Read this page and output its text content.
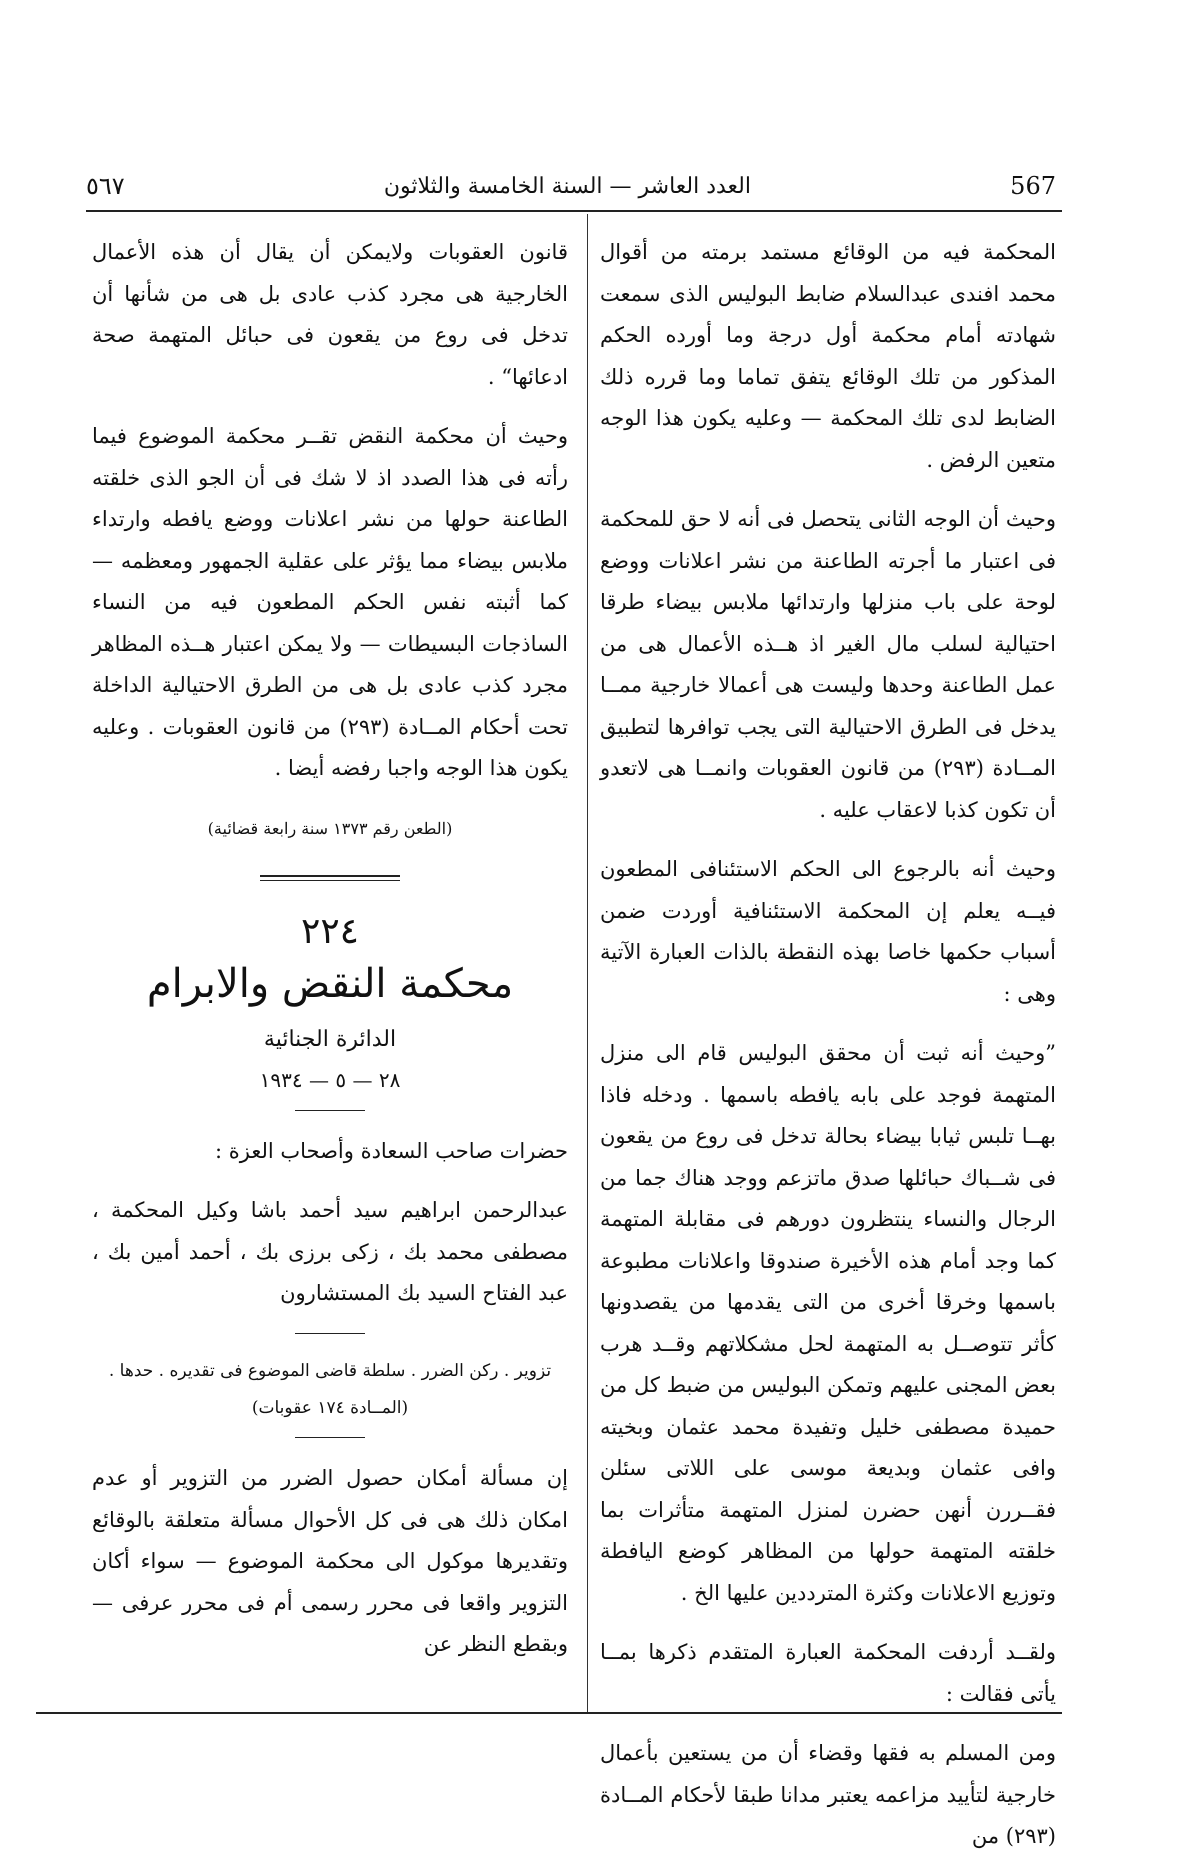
٥٦٧	العدد العاشر — السنة الخامسة والثلاثون	567

المحكمة فيه من الوقائع مستمد برمته من أقوال محمد افندى عبدالسلام ضابط البوليس الذى سمعت شهادته أمام محكمة أول درجة وما أورده الحكم المذكور من تلك الوقائع يتفق تماما وما قرره ذلك الضابط لدى تلك المحكمة — وعليه يكون هذا الوجه متعين الرفض .

وحيث أن الوجه الثانى يتحصل فى أنه لا حق للمحكمة فى اعتبار ما أجرته الطاعنة من نشر اعلانات ووضع لوحة على باب منزلها وارتدائها ملابس بيضاء طرقا احتيالية لسلب مال الغير اذ هــذه الأعمال هى من عمل الطاعنة وحدها وليست هى أعمالا خارجية ممــا يدخل فى الطرق الاحتيالية التى يجب توافرها لتطبيق المــادة (٢٩٣) من قانون العقوبات وانمــا هى لاتعدو أن تكون كذبا لاعقاب عليه .

وحيث أنه بالرجوع الى الحكم الاستئنافى المطعون فيــه يعلم إن المحكمة الاستئنافية أوردت ضمن أسباب حكمها خاصا بهذه النقطة بالذات العبارة الآتية وهى :

”وحيث أنه ثبت أن محقق البوليس قام الى منزل المتهمة فوجد على بابه يافطه باسمها . ودخله فاذا بهــا تلبس ثيابا بيضاء بحالة تدخل فى روع من يقعون فى شــباك حبائلها صدق ماتزعم ووجد هناك جما من الرجال والنساء ينتظرون دورهم فى مقابلة المتهمة كما وجد أمام هذه الأخيرة صندوقا واعلانات مطبوعة باسمها وخرقا أخرى من التى يقدمها من يقصدونها كأثر تتوصــل به المتهمة لحل مشكلاتهم وقــد هرب بعض المجنى عليهم وتمكن البوليس من ضبط كل من حميدة مصطفى خليل وتفيدة محمد عثمان وبخيته وافى عثمان وبديعة موسى على اللاتى سئلن فقــررن أنهن حضرن لمنزل المتهمة متأثرات بما خلقته المتهمة حولها من المظاهر كوضع اليافطة وتوزيع الاعلانات وكثرة المترددين عليها الخ .

ولقــد أردفت المحكمة العبارة المتقدم ذكرها بمــا يأتى فقالت :

ومن المسلم به فقها وقضاء أن من يستعين بأعمال خارجية لتأييد مزاعمه يعتبر مدانا طبقا لأحكام المــادة (٢٩٣) من

قانون العقوبات ولايمكن أن يقال أن هذه الأعمال الخارجية هى مجرد كذب عادى بل هى من شأنها أن تدخل فى روع من يقعون فى حبائل المتهمة صحة ادعائها“ .

وحيث أن محكمة النقض تقــر محكمة الموضوع فيما رأته فى هذا الصدد اذ لا شك فى أن الجو الذى خلقته الطاعنة حولها من نشر اعلانات ووضع يافطه وارتداء ملابس بيضاء مما يؤثر على عقلية الجمهور ومعظمه — كما أثبته نفس الحكم المطعون فيه من النساء الساذجات البسيطات — ولا يمكن اعتبار هــذه المظاهر مجرد كذب عادى بل هى من الطرق الاحتيالية الداخلة تحت أحكام المــادة (٢٩٣) من قانون العقوبات . وعليه يكون هذا الوجه واجبا رفضه أيضا .

(الطعن رقم ١٣٧٣ سنة رابعة قضائية)
٢٢٤
محكمة النقض والابرام
الدائرة الجنائية
٢٨ — ٥ — ١٩٣٤

حضرات صاحب السعادة وأصحاب العزة :

عبدالرحمن ابراهيم سيد أحمد باشا وكيل المحكمة ، مصطفى محمد بك ، زكى برزى بك ، أحمد أمين بك ، عبد الفتاح السيد بك المستشارون

تزوير . ركن الضرر . سلطة قاضى الموضوع فى تقديره . حدها .
(المــادة ١٧٤ عقوبات)

إن مسألة أمكان حصول الضرر من التزوير أو عدم امكان ذلك هى فى كل الأحوال مسألة متعلقة بالوقائع وتقديرها موكول الى محكمة الموضوع — سواء أكان التزوير واقعا فى محرر رسمى أم فى محرر عرفى — وبقطع النظر عن
